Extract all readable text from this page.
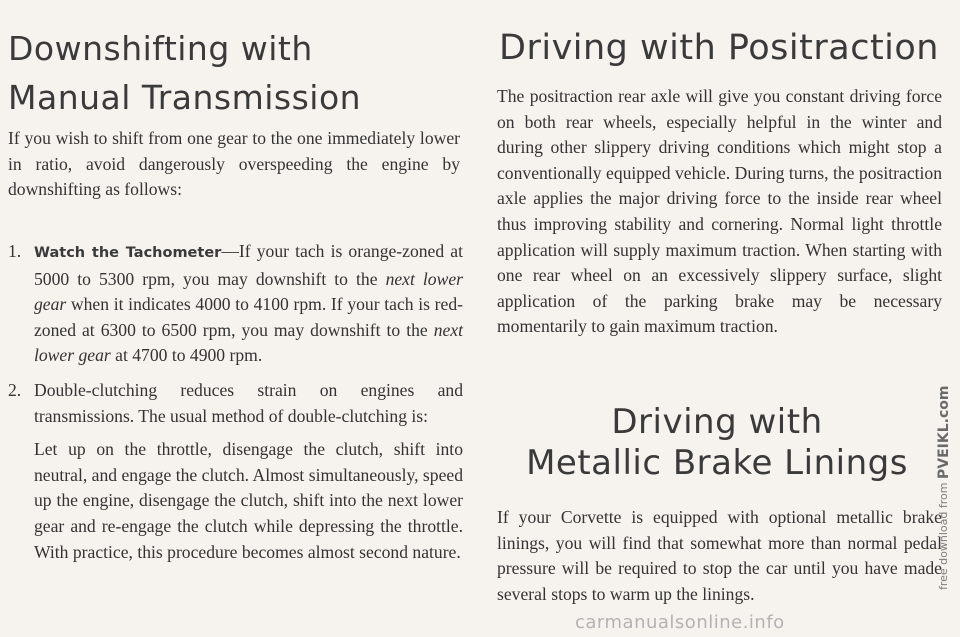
Downshifting with
Manual Transmission

If you wish to shift from one gear to the one immediately lower in ratio, avoid dangerously overspeeding the engine by downshifting as follows:

1. Watch the Tachometer—If your tach is orange-zoned at 5000 to 5300 rpm, you may downshift to the next lower gear when it indicates 4000 to 4100 rpm. If your tach is red-zoned at 6300 to 6500 rpm, you may downshift to the next lower gear at 4700 to 4900 rpm.
2. Double-clutching reduces strain on engines and transmissions. The usual method of double-clutching is:
Let up on the throttle, disengage the clutch, shift into neutral, and engage the clutch. Almost simultaneously, speed up the engine, disengage the clutch, shift into the next lower gear and re-engage the clutch while depressing the throttle. With practice, this procedure becomes almost second nature.
Driving with Positraction

The positraction rear axle will give you constant driving force on both rear wheels, especially helpful in the winter and during other slippery driving conditions which might stop a conventionally equipped vehicle. During turns, the positraction axle applies the major driving force to the inside rear wheel thus improving stability and cornering. Normal light throttle application will supply maximum traction. When starting with one rear wheel on an excessively slippery surface, slight application of the parking brake may be necessary momentarily to gain maximum traction.

Driving with
Metallic Brake Linings

If your Corvette is equipped with optional metallic brake linings, you will find that somewhat more than normal pedal pressure will be required to stop the car until you have made several stops to warm up the linings.

free download from PVEIKL.com
carmanualsonline.info
